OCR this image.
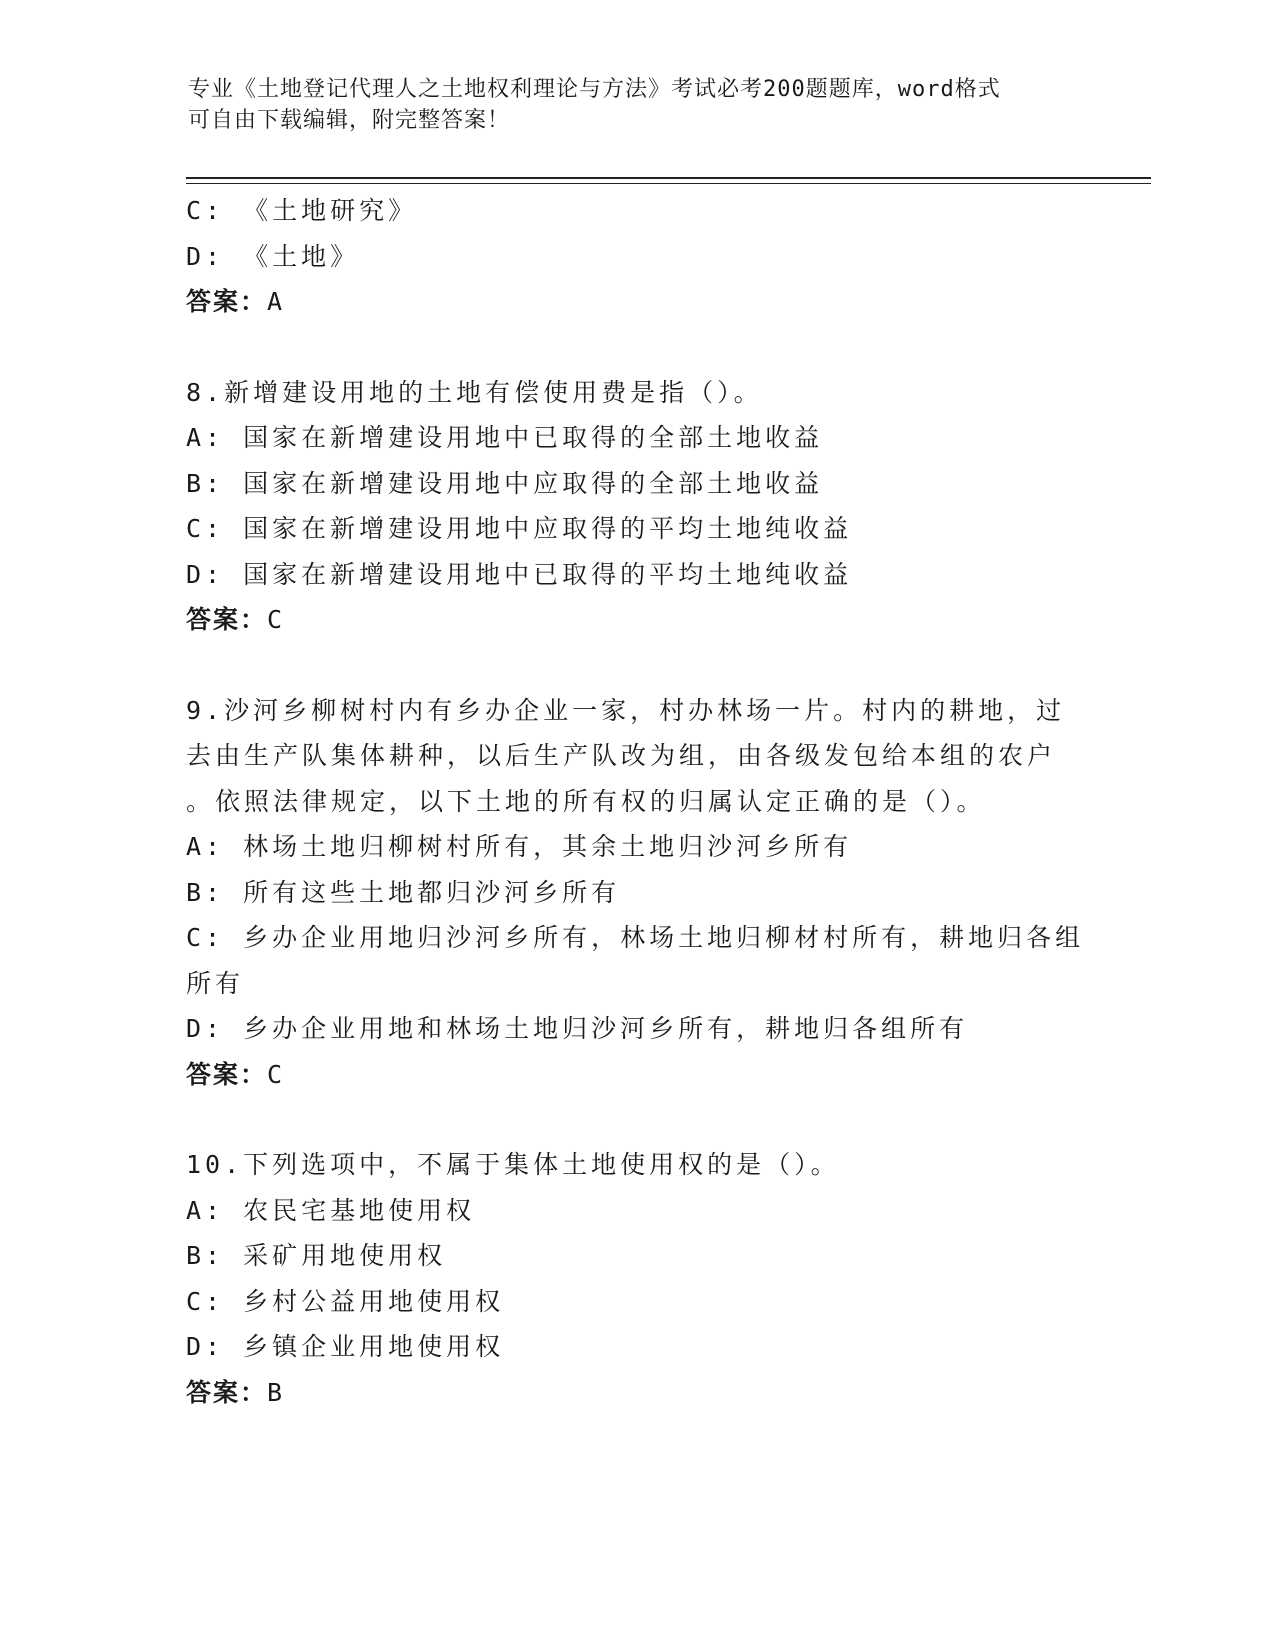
专业《土地登记代理人之土地权利理论与方法》考试必考200题题库，word格式
可自由下载编辑，附完整答案！
C: 《土地研究》
D: 《土地》
答案：A
8.新增建设用地的土地有偿使用费是指（）。
A: 国家在新增建设用地中已取得的全部土地收益
B: 国家在新增建设用地中应取得的全部土地收益
C: 国家在新增建设用地中应取得的平均土地纯收益
D: 国家在新增建设用地中已取得的平均土地纯收益
答案：C
9.沙河乡柳树村内有乡办企业一家，村办林场一片。村内的耕地，过
去由生产队集体耕种，以后生产队改为组，由各级发包给本组的农户
。依照法律规定，以下土地的所有权的归属认定正确的是（）。
A: 林场土地归柳树村所有，其余土地归沙河乡所有
B: 所有这些土地都归沙河乡所有
C: 乡办企业用地归沙河乡所有，林场土地归柳材村所有，耕地归各组
所有
D: 乡办企业用地和林场土地归沙河乡所有，耕地归各组所有
答案：C
10.下列选项中，不属于集体土地使用权的是（）。
A: 农民宅基地使用权
B: 采矿用地使用权
C: 乡村公益用地使用权
D: 乡镇企业用地使用权
答案：B
